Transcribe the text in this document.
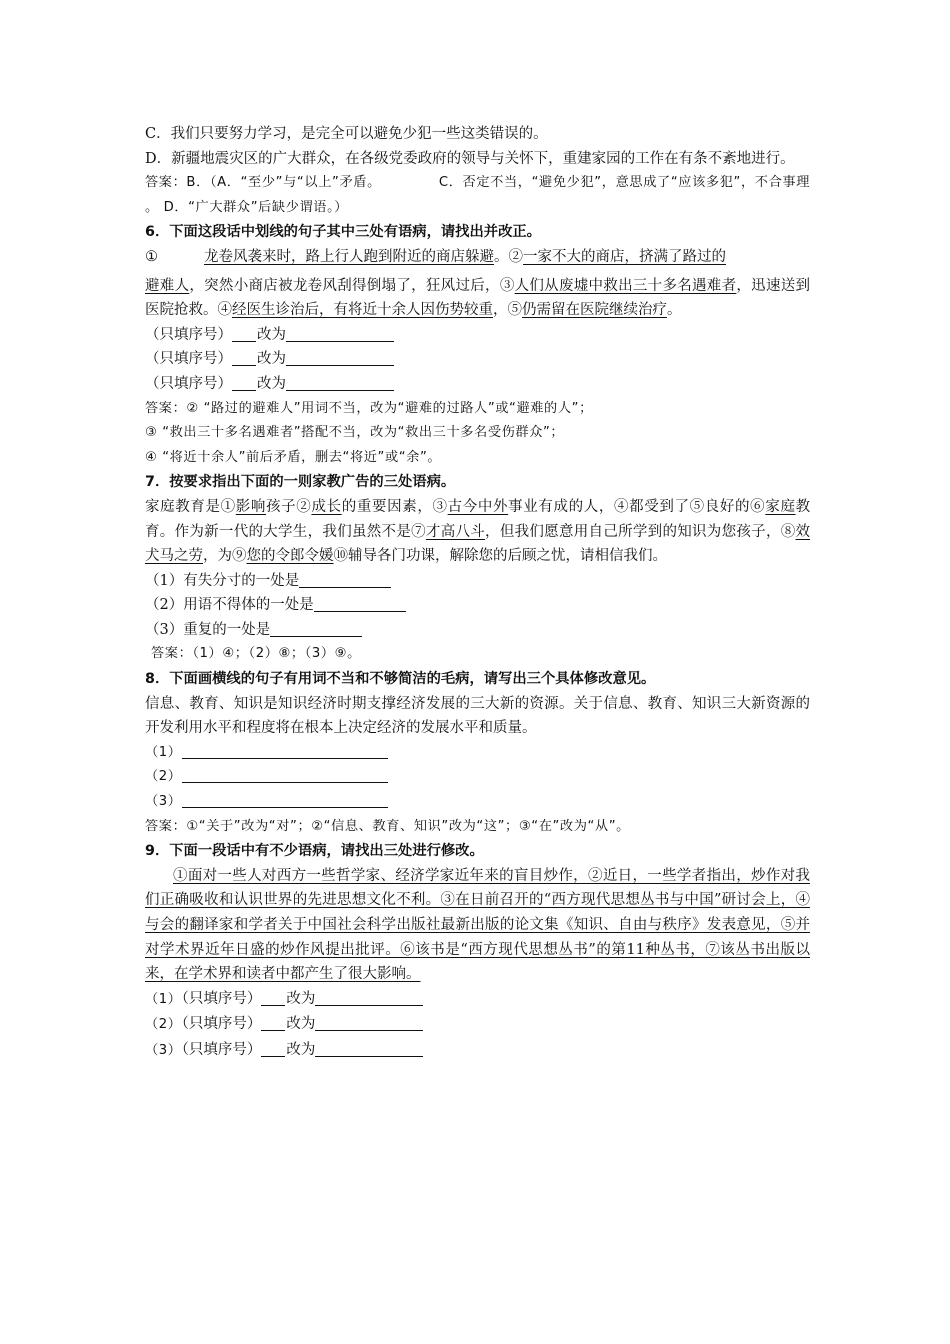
C．我们只要努力学习，是完全可以避免少犯一些这类错误的。

D．新疆地震灾区的广大群众，在各级党委政府的领导与关怀下，重建家园的工作在有条不紊地进行。

答案：B．（A．“至少”与“以上”矛盾。	C．否定不当，“避免少犯”，意思成了“应该多犯”，不合事理 。 D．“广大群众”后缺少谓语。）

6．下面这段话中划线的句子其中三处有语病，请找出并改正。

①	龙卷风袭来时，路上行人跑到附近的商店躲避。②一家不大的商店，挤满了路过的

避难人，突然小商店被龙卷风刮得倒塌了，狂风过后，③人们从废墟中救出三十多名遇难者，迅速送到医院抢救。④经医生诊治后，有将近十余人因伤势较重，⑤仍需留在医院继续治疗。

（只填序号） 改为

（只填序号） 改为

（只填序号） 改为

答案：② “路过的避难人”用词不当，改为“避难的过路人”或“避难的人”；

③ “救出三十多名遇难者”搭配不当，改为“救出三十多名受伤群众”；

④ “将近十余人”前后矛盾，删去“将近”或“余”。

7．按要求指出下面的一则家教广告的三处语病。

家庭教育是①影响孩子②成长的重要因素，③古今中外事业有成的人，④都受到了⑤良好的⑥家庭教育。作为新一代的大学生，我们虽然不是⑦才高八斗，但我们愿意用自己所学到的知识为您孩子，⑧效犬马之劳，为⑨您的令郎令媛⑩辅导各门功课，解除您的后顾之忧，请相信我们。

（1）有失分寸的一处是

（2）用语不得体的一处是

（3）重复的一处是

答案：（1）④；（2）⑧；（3）⑨。

8．下面画横线的句子有用词不当和不够简洁的毛病，请写出三个具体修改意见。

信息、教育、知识是知识经济时期支撑经济发展的三大新的资源。关于信息、教育、知识三大新资源的开发利用水平和程度将在根本上决定经济的发展水平和质量。

（1）

（2）

（3）

答案：①“关于”改为“对”；②“信息、教育、知识”改为“这”；③“在”改为“从”。

9．下面一段话中有不少语病，请找出三处进行修改。

①面对一些人对西方一些哲学家、经济学家近年来的盲目炒作，②近日，一些学者指出，炒作对我们正确吸收和认识世界的先进思想文化不利。③在日前召开的“西方现代思想丛书与中国”研讨会上，④与会的翻译家和学者关于中国社会科学出版社最新出版的论文集《知识、自由与秩序》发表意见，⑤并对学术界近年日盛的炒作风提出批评。⑥该书是“西方现代思想丛书”的第11种丛书，⑦该丛书出版以来，在学术界和读者中都产生了很大影响。

（1）（只填序号） 改为

（2）（只填序号） 改为

（3）（只填序号） 改为
